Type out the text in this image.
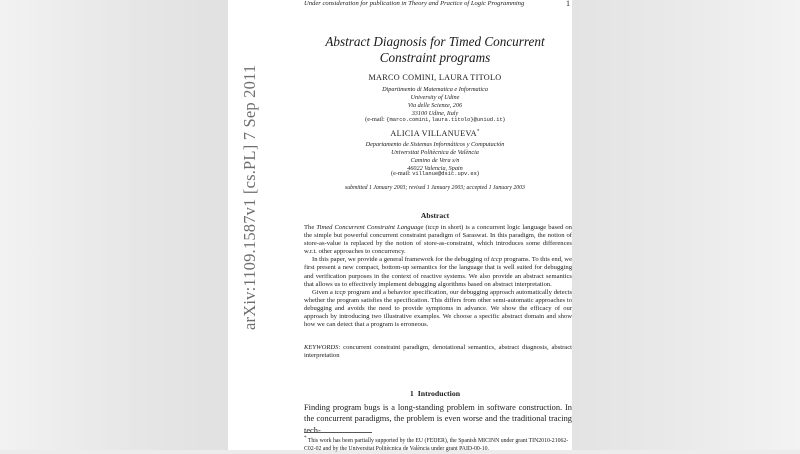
arXiv:1109.1587v1 [cs.PL] 7 Sep 2011
Under consideration for publication in Theory and Practice of Logic Programming	1
Abstract Diagnosis for Timed Concurrent
Constraint programs
MARCO COMINI, LAURA TITOLO
Dipartimento di Matematica e Informatica
University of Udine
Via delle Scienze, 206
33100 Udine, Italy
(e-mail: {marco.comini,laura.titolo}@uniud.it)
ALICIA VILLANUEVA*
Departamento de Sistemas Informáticos y Computación
Universitat Politècnica de València
Camino de Vera s/n
46022 Valencia, Spain
(e-mail: villanue@dsic.upv.es)
submitted 1 January 2003; revised 1 January 2003; accepted 1 January 2003
Abstract

The Timed Concurrent Constraint Language (tccp in short) is a concurrent logic language based on the simple but powerful concurrent constraint paradigm of Saraswat. In this paradigm, the notion of store-as-value is replaced by the notion of store-as-constraint, which introduces some differences w.r.t. other approaches to concurrency.

In this paper, we provide a general framework for the debugging of tccp programs. To this end, we first present a new compact, bottom-up semantics for the language that is well suited for debugging and verification purposes in the context of reactive systems. We also provide an abstract semantics that allows us to effectively implement debugging algorithms based on abstract interpretation.

Given a tccp program and a behavior specification, our debugging approach automatically detects whether the program satisfies the specification. This differs from other semi-automatic approaches to debugging and avoids the need to provide symptoms in advance. We show the efficacy of our approach by introducing two illustrative examples. We choose a specific abstract domain and show how we can detect that a program is erroneous.

KEYWORDS: concurrent constraint paradigm, denotational semantics, abstract diagnosis, abstract interpretation
1 Introduction
Finding program bugs is a long-standing problem in software construction. In the concurrent paradigms, the problem is even worse and the traditional tracing tech-
* This work has been partially supported by the EU (FEDER), the Spanish MICINN under grant TIN2010-21062-C02-02 and by the Universitat Politècnica de València under grant PAID-00-10.
